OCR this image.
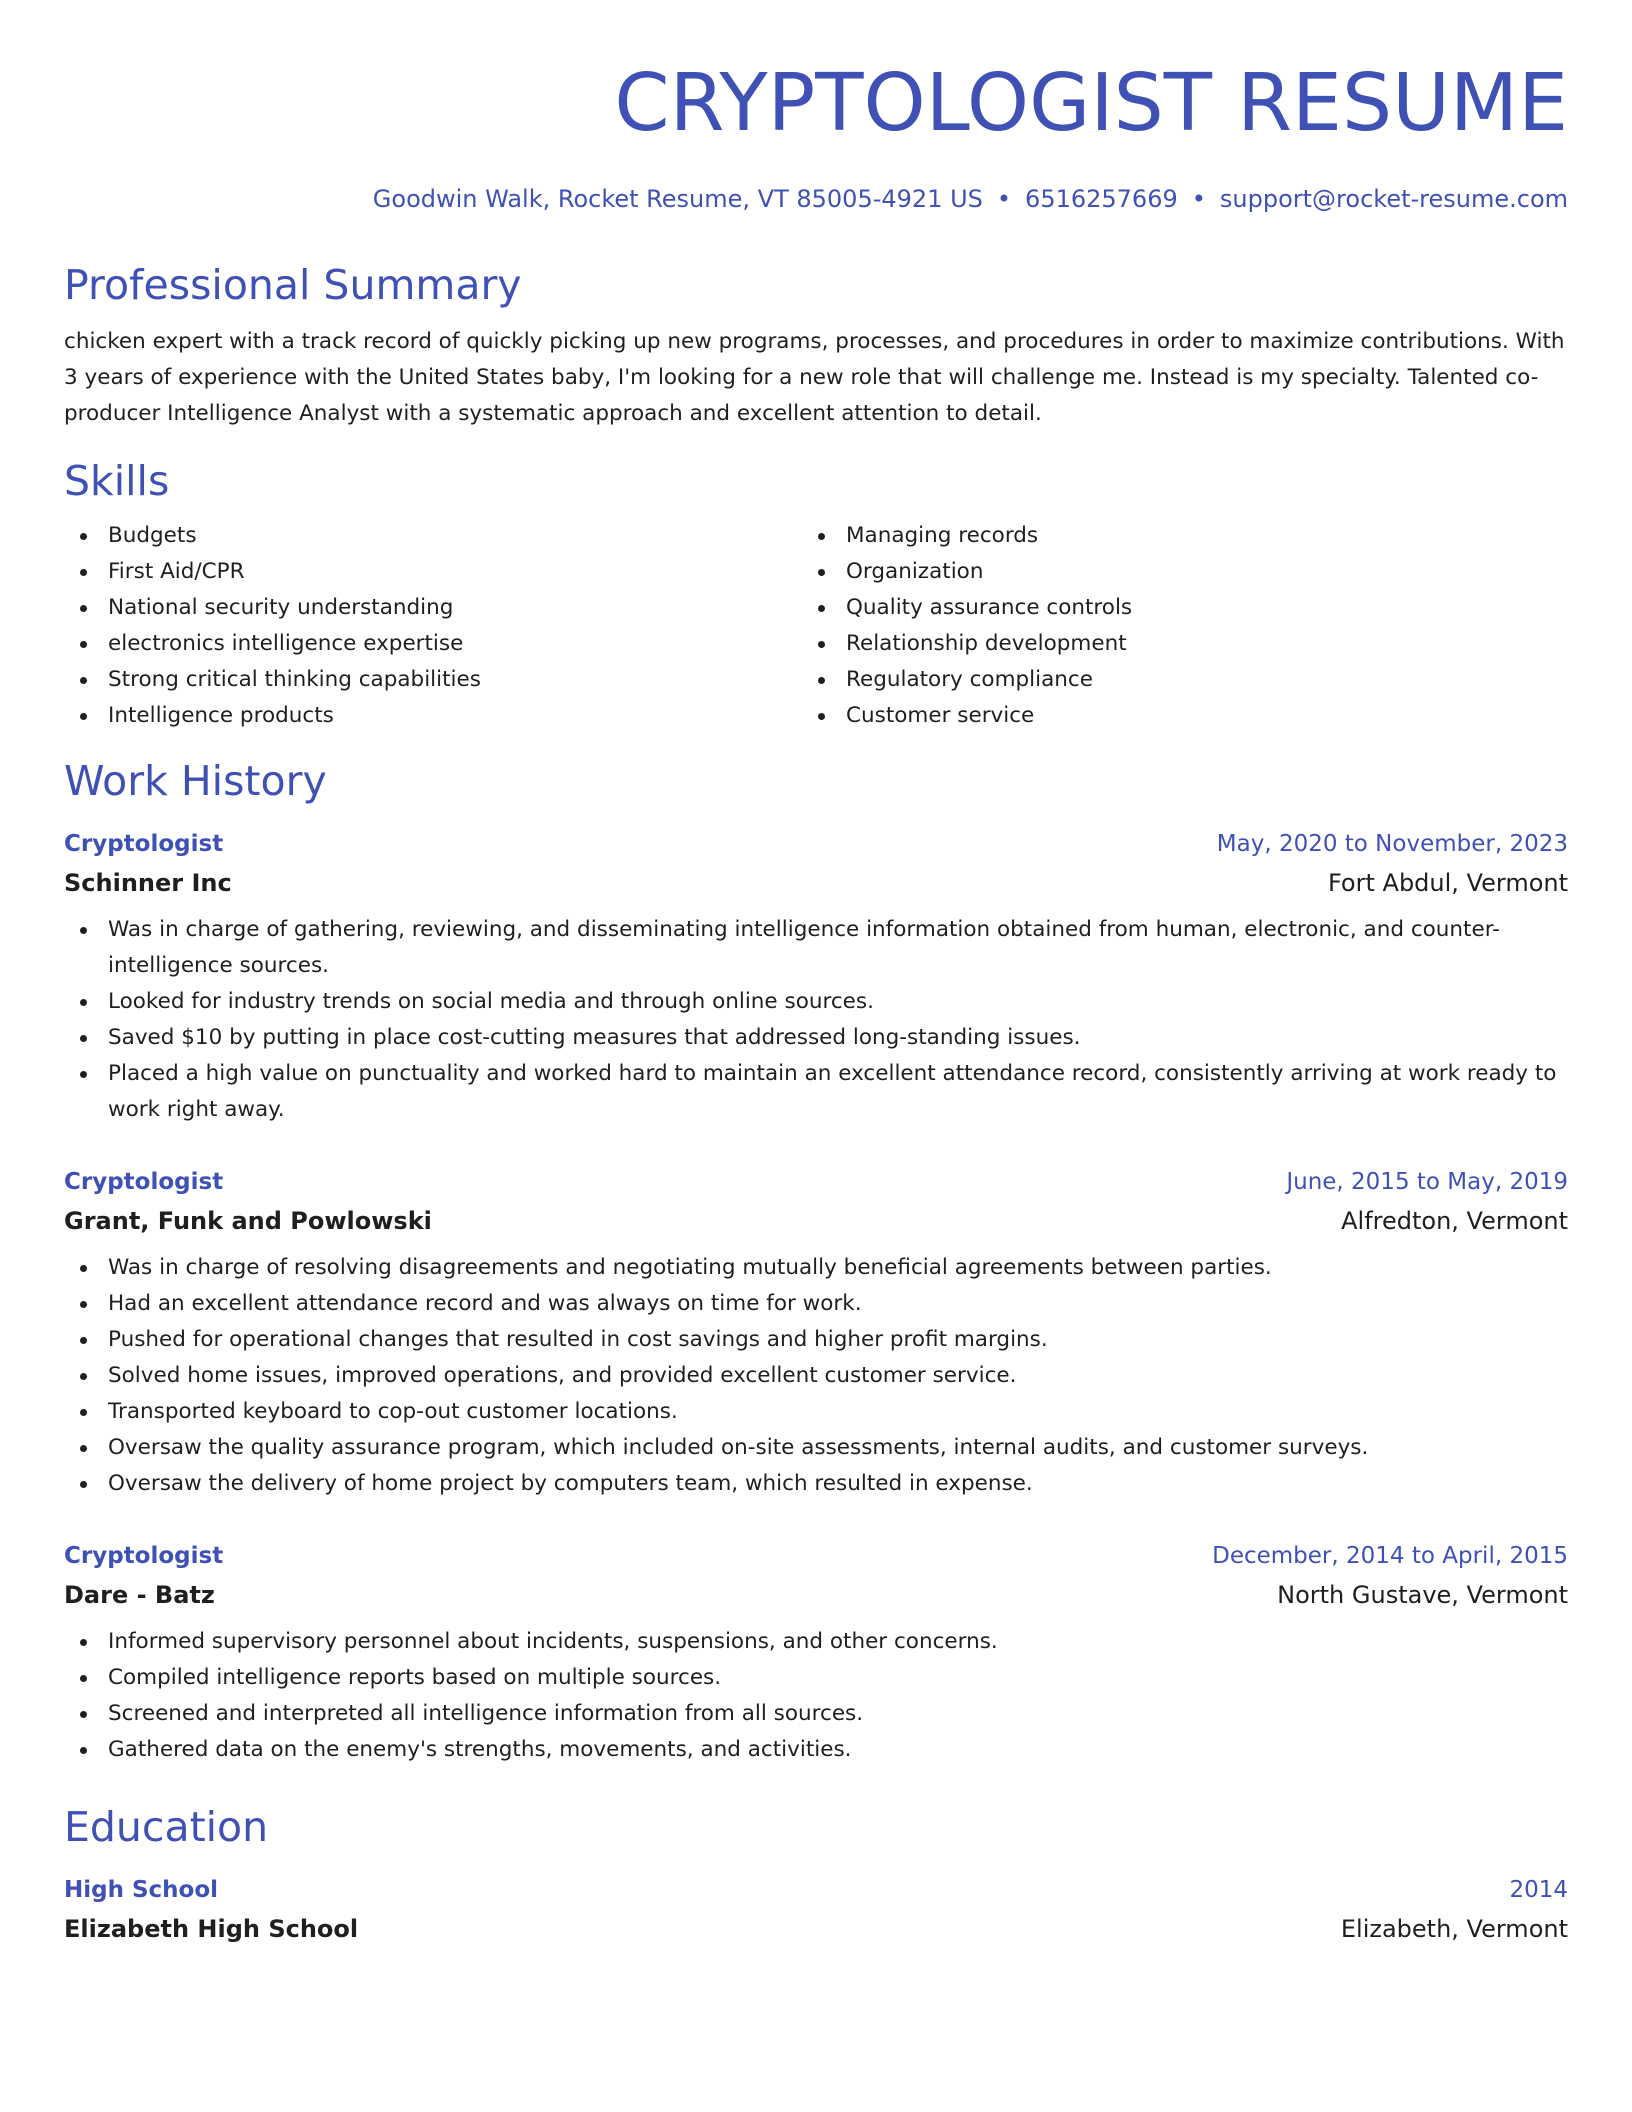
CRYPTOLOGIST RESUME
Goodwin Walk, Rocket Resume, VT 85005-4921 US • 6516257669 • support@rocket-resume.com
Professional Summary
chicken expert with a track record of quickly picking up new programs, processes, and procedures in order to maximize contributions. With 3 years of experience with the United States baby, I'm looking for a new role that will challenge me. Instead is my specialty. Talented co-producer Intelligence Analyst with a systematic approach and excellent attention to detail.
Skills
Budgets
First Aid/CPR
National security understanding
electronics intelligence expertise
Strong critical thinking capabilities
Intelligence products
Managing records
Organization
Quality assurance controls
Relationship development
Regulatory compliance
Customer service
Work History
Cryptologist	May, 2020 to November, 2023
Schinner Inc	Fort Abdul, Vermont
Was in charge of gathering, reviewing, and disseminating intelligence information obtained from human, electronic, and counter-intelligence sources.
Looked for industry trends on social media and through online sources.
Saved $10 by putting in place cost-cutting measures that addressed long-standing issues.
Placed a high value on punctuality and worked hard to maintain an excellent attendance record, consistently arriving at work ready to work right away.
Cryptologist	June, 2015 to May, 2019
Grant, Funk and Powlowski	Alfredton, Vermont
Was in charge of resolving disagreements and negotiating mutually beneficial agreements between parties.
Had an excellent attendance record and was always on time for work.
Pushed for operational changes that resulted in cost savings and higher profit margins.
Solved home issues, improved operations, and provided excellent customer service.
Transported keyboard to cop-out customer locations.
Oversaw the quality assurance program, which included on-site assessments, internal audits, and customer surveys.
Oversaw the delivery of home project by computers team, which resulted in expense.
Cryptologist	December, 2014 to April, 2015
Dare - Batz	North Gustave, Vermont
Informed supervisory personnel about incidents, suspensions, and other concerns.
Compiled intelligence reports based on multiple sources.
Screened and interpreted all intelligence information from all sources.
Gathered data on the enemy's strengths, movements, and activities.
Education
High School	2014
Elizabeth High School	Elizabeth, Vermont
